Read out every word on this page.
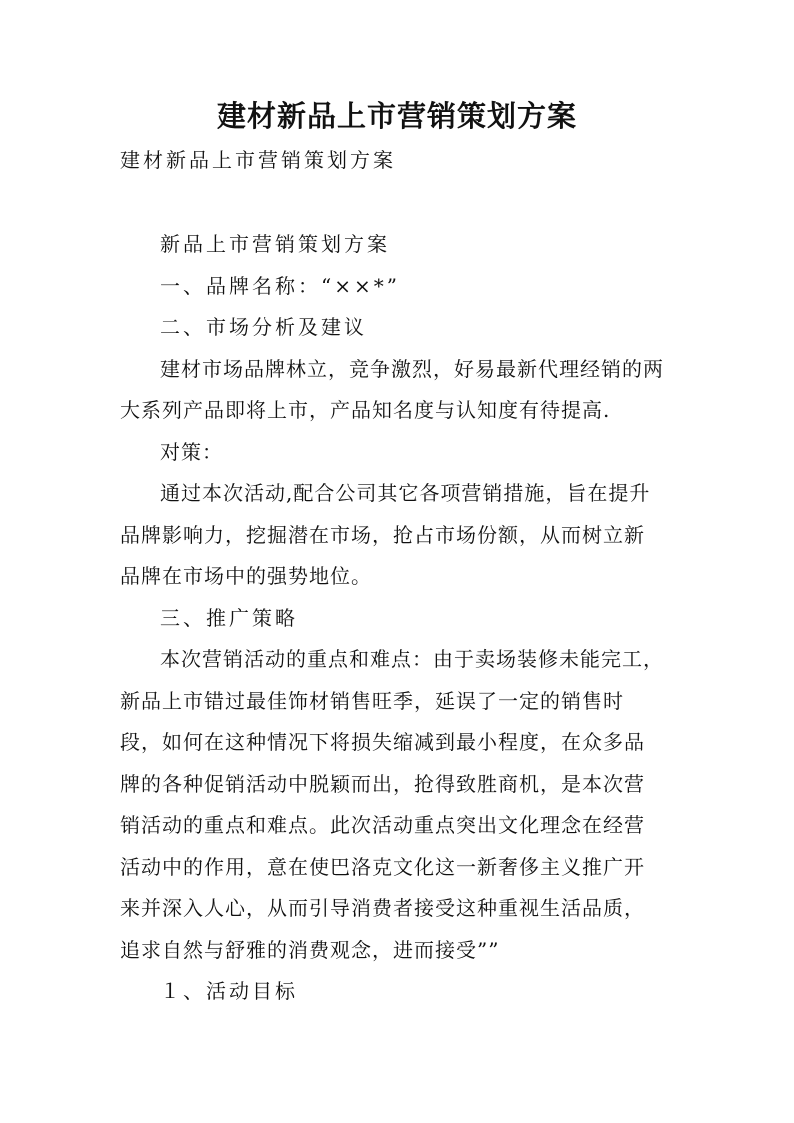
建材新品上市营销策划方案
建材新品上市营销策划方案

新品上市营销策划方案

一、品牌名称：“××*”

二、市场分析及建议

建材市场品牌林立，竞争激烈，好易最新代理经销的两大系列产品即将上市，产品知名度与认知度有待提高.

对策：

通过本次活动,配合公司其它各项营销措施，旨在提升品牌影响力，挖掘潜在市场，抢占市场份额，从而树立新品牌在市场中的强势地位。

三、推广策略

本次营销活动的重点和难点：由于卖场装修未能完工，新品上市错过最佳饰材销售旺季，延误了一定的销售时段，如何在这种情况下将损失缩减到最小程度，在众多品牌的各种促销活动中脱颖而出，抢得致胜商机，是本次营销活动的重点和难点。此次活动重点突出文化理念在经营活动中的作用，意在使巴洛克文化这一新奢侈主义推广开来并深入人心，从而引导消费者接受这种重视生活品质，追求自然与舒雅的消费观念，进而接受””

１、活动目标
